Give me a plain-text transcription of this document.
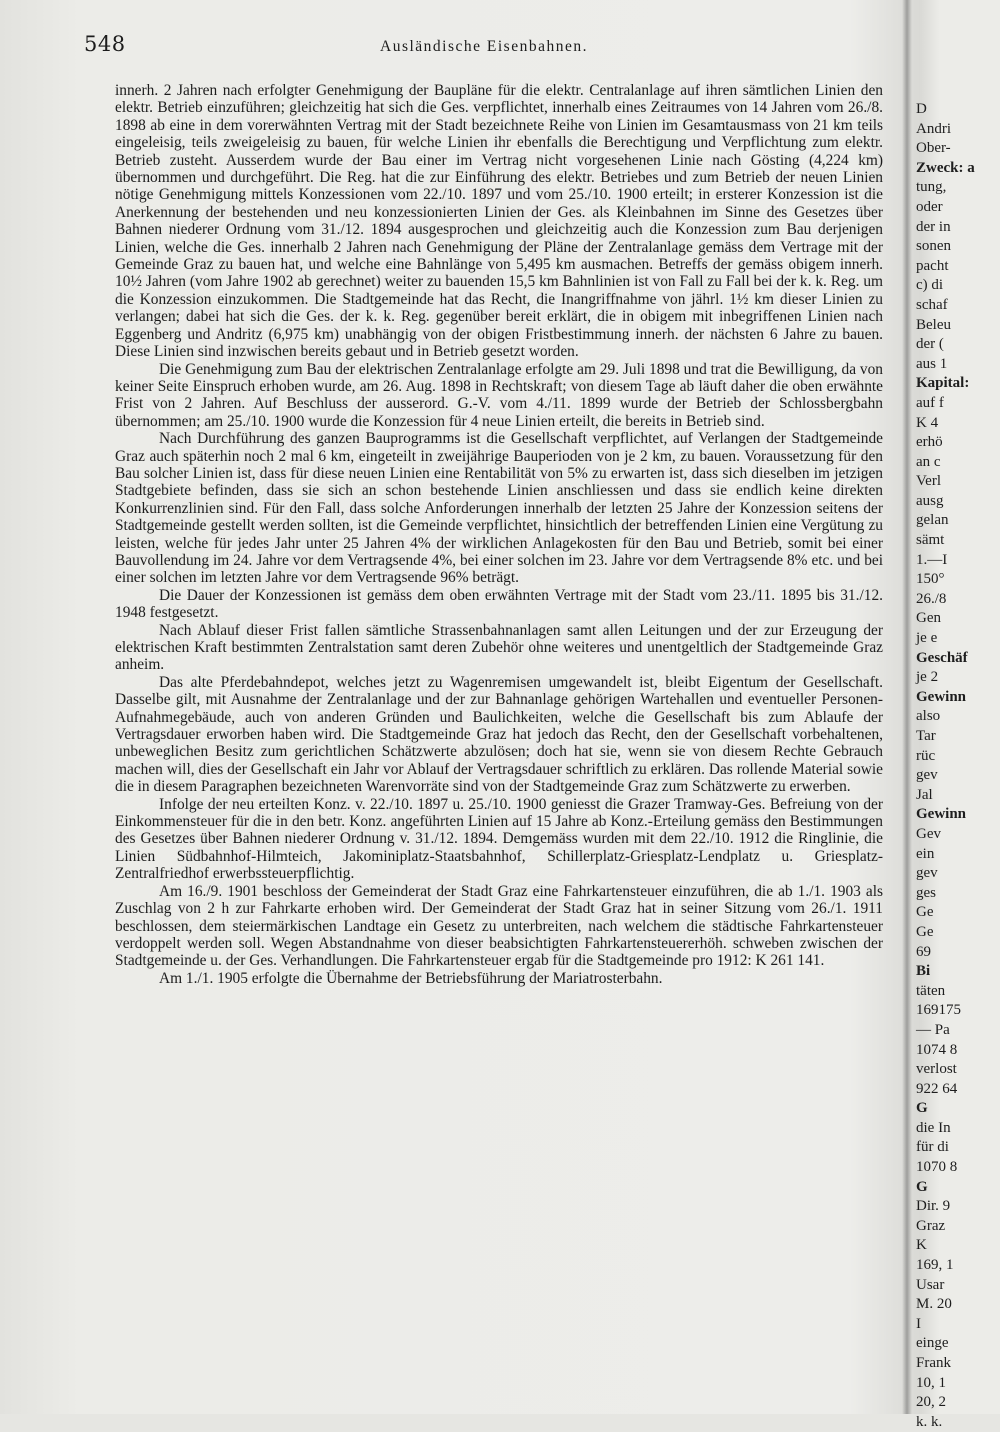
548	Ausländische Eisenbahnen.

innerh. 2 Jahren nach erfolgter Genehmigung der Baupläne für die elektr. Centralanlage auf ihren sämtlichen Linien den elektr. Betrieb einzuführen; gleichzeitig hat sich die Ges. verpflichtet, innerhalb eines Zeitraumes von 14 Jahren vom 26./8. 1898 ab eine in dem vorerwähnten Vertrag mit der Stadt bezeichnete Reihe von Linien im Gesamtausmass von 21 km teils eingeleisig, teils zweigeleisig zu bauen, für welche Linien ihr ebenfalls die Berechtigung und Verpflichtung zum elektr. Betrieb zusteht. Ausserdem wurde der Bau einer im Vertrag nicht vorgesehenen Linie nach Gösting (4,224 km) übernommen und durchgeführt. Die Reg. hat die zur Einführung des elektr. Betriebes und zum Betrieb der neuen Linien nötige Genehmigung mittels Konzessionen vom 22./10. 1897 und vom 25./10. 1900 erteilt; in ersterer Konzession ist die Anerkennung der bestehenden und neu konzessionierten Linien der Ges. als Kleinbahnen im Sinne des Gesetzes über Bahnen niederer Ordnung vom 31./12. 1894 ausgesprochen und gleichzeitig auch die Konzession zum Bau derjenigen Linien, welche die Ges. innerhalb 2 Jahren nach Genehmigung der Pläne der Zentralanlage gemäss dem Vertrage mit der Gemeinde Graz zu bauen hat, und welche eine Bahnlänge von 5,495 km ausmachen. Betreffs der gemäss obigem innerh. 10½ Jahren (vom Jahre 1902 ab gerechnet) weiter zu bauenden 15,5 km Bahnlinien ist von Fall zu Fall bei der k. k. Reg. um die Konzession einzukommen. Die Stadtgemeinde hat das Recht, die Inangriffnahme von jährl. 1½ km dieser Linien zu verlangen; dabei hat sich die Ges. der k. k. Reg. gegenüber bereit erklärt, die in obigem mit inbegriffenen Linien nach Eggenberg und Andritz (6,975 km) unabhängig von der obigen Fristbestimmung innerh. der nächsten 6 Jahre zu bauen. Diese Linien sind inzwischen bereits gebaut und in Betrieb gesetzt worden.

Die Genehmigung zum Bau der elektrischen Zentralanlage erfolgte am 29. Juli 1898 und trat die Bewilligung, da von keiner Seite Einspruch erhoben wurde, am 26. Aug. 1898 in Rechtskraft; von diesem Tage ab läuft daher die oben erwähnte Frist von 2 Jahren. Auf Beschluss der ausserord. G.-V. vom 4./11. 1899 wurde der Betrieb der Schlossbergbahn übernommen; am 25./10. 1900 wurde die Konzession für 4 neue Linien erteilt, die bereits in Betrieb sind.

Nach Durchführung des ganzen Bauprogramms ist die Gesellschaft verpflichtet, auf Verlangen der Stadtgemeinde Graz auch späterhin noch 2 mal 6 km, eingeteilt in zweijährige Bauperioden von je 2 km, zu bauen. Voraussetzung für den Bau solcher Linien ist, dass für diese neuen Linien eine Rentabilität von 5% zu erwarten ist, dass sich dieselben im jetzigen Stadtgebiete befinden, dass sie sich an schon bestehende Linien anschliessen und dass sie endlich keine direkten Konkurrenzlinien sind. Für den Fall, dass solche Anforderungen innerhalb der letzten 25 Jahre der Konzession seitens der Stadtgemeinde gestellt werden sollten, ist die Gemeinde verpflichtet, hinsichtlich der betreffenden Linien eine Vergütung zu leisten, welche für jedes Jahr unter 25 Jahren 4% der wirklichen Anlagekosten für den Bau und Betrieb, somit bei einer Bauvollendung im 24. Jahre vor dem Vertragsende 4%, bei einer solchen im 23. Jahre vor dem Vertragsende 8% etc. und bei einer solchen im letzten Jahre vor dem Vertragsende 96% beträgt.

Die Dauer der Konzessionen ist gemäss dem oben erwähnten Vertrage mit der Stadt vom 23./11. 1895 bis 31./12. 1948 festgesetzt.

Nach Ablauf dieser Frist fallen sämtliche Strassenbahnanlagen samt allen Leitungen und der zur Erzeugung der elektrischen Kraft bestimmten Zentralstation samt deren Zubehör ohne weiteres und unentgeltlich der Stadtgemeinde Graz anheim.

Das alte Pferdebahndepot, welches jetzt zu Wagenremisen umgewandelt ist, bleibt Eigentum der Gesellschaft. Dasselbe gilt, mit Ausnahme der Zentralanlage und der zur Bahnanlage gehörigen Wartehallen und eventueller Personen-Aufnahmegebäude, auch von anderen Gründen und Baulichkeiten, welche die Gesellschaft bis zum Ablaufe der Vertragsdauer erworben haben wird. Die Stadtgemeinde Graz hat jedoch das Recht, den der Gesellschaft vorbehaltenen, unbeweglichen Besitz zum gerichtlichen Schätzwerte abzulösen; doch hat sie, wenn sie von diesem Rechte Gebrauch machen will, dies der Gesellschaft ein Jahr vor Ablauf der Vertragsdauer schriftlich zu erklären. Das rollende Material sowie die in diesem Paragraphen bezeichneten Warenvorräte sind von der Stadtgemeinde Graz zum Schätzwerte zu erwerben.

Infolge der neu erteilten Konz. v. 22./10. 1897 u. 25./10. 1900 geniesst die Grazer Tramway-Ges. Befreiung von der Einkommensteuer für die in den betr. Konz. angeführten Linien auf 15 Jahre ab Konz.-Erteilung gemäss den Bestimmungen des Gesetzes über Bahnen niederer Ordnung v. 31./12. 1894. Demgemäss wurden mit dem 22./10. 1912 die Ringlinie, die Linien Südbahnhof-Hilmteich, Jakominiplatz-Staatsbahnhof, Schillerplatz-Griesplatz-Lendplatz u. Griesplatz-Zentralfriedhof erwerbssteuerpflichtig.

Am 16./9. 1901 beschloss der Gemeinderat der Stadt Graz eine Fahrkartensteuer einzuführen, die ab 1./1. 1903 als Zuschlag von 2 h zur Fahrkarte erhoben wird. Der Gemeinderat der Stadt Graz hat in seiner Sitzung vom 26./1. 1911 beschlossen, dem steiermärkischen Landtage ein Gesetz zu unterbreiten, nach welchem die städtische Fahrkartensteuer verdoppelt werden soll. Wegen Abstandnahme von dieser beabsichtigten Fahrkartensteuererhöh. schweben zwischen der Stadtgemeinde u. der Ges. Verhandlungen. Die Fahrkartensteuer ergab für die Stadtgemeinde pro 1912: K 261 141.

Am 1./1. 1905 erfolgte die Übernahme der Betriebsführung der Mariatrosterbahn.

D
Andri
Ober-
Zweck: a
tung,
oder
der in
sonen
pacht
c) di
schaf
Beleu
der (
aus 1
Kapital:
auf f
K 4
erhö
an c
Verl
ausg
gelan
sämt
1.—I
150°
26./8
Gen
je e
Geschäf
je 2
Gewinn
also
Tar
rüc
gev
Jal
Gewinn
Gev
ein
gev
ges
Ge
Ge
69
Bi
täten
169175
— Pa
1074 8
verlost
922 64
G
die In
für di
1070 8
G
Dir. 9
Graz
K
169, 1
Usar
M. 20
I
einge
Frank
10, 1
20, 2
k. k.
